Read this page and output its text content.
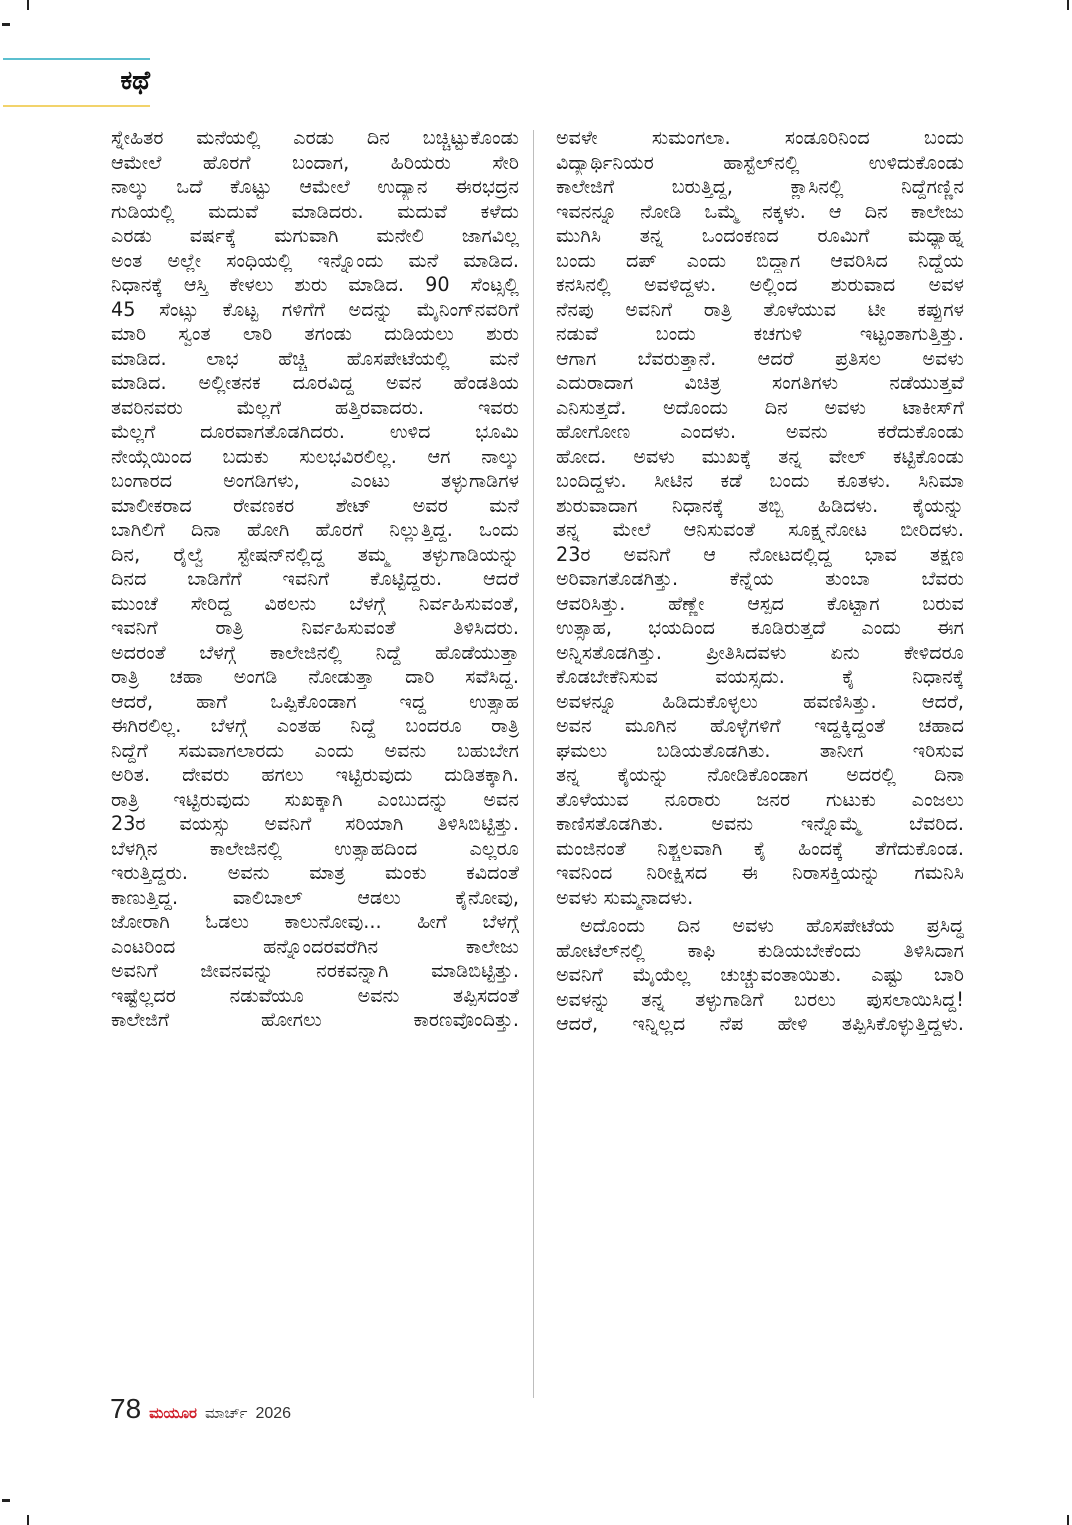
ಕಥೆ

ಸ್ನೇಹಿತರ ಮನೆಯಲ್ಲಿ ಎರಡು ದಿನ ಬಚ್ಚಿಟ್ಟುಕೊಂಡು
ಆಮೇಲೆ ಹೊರಗೆ ಬಂದಾಗ, ಹಿರಿಯರು ಸೇರಿ
ನಾಲ್ಕು ಒದೆ ಕೊಟ್ಟು ಆಮೇಲೆ ಉದ್ಯಾನ ಈರಭದ್ರನ
ಗುಡಿಯಲ್ಲಿ ಮದುವೆ ಮಾಡಿದರು. ಮದುವೆ ಕಳೆದು
ಎರಡು ವರ್ಷಕ್ಕೆ ಮಗುವಾಗಿ ಮನೇಲಿ ಜಾಗವಿಲ್ಲ
ಅಂತ ಅಲ್ಲೇ ಸಂಧಿಯಲ್ಲಿ ಇನ್ನೊಂದು ಮನೆ ಮಾಡಿದ.
ನಿಧಾನಕ್ಕೆ ಆಸ್ತಿ ಕೇಳಲು ಶುರು ಮಾಡಿದ. 90 ಸೆಂಟ್ಸಲ್ಲಿ
45 ಸೆಂಟ್ಸು ಕೊಟ್ಟ ಗಳಿಗೆಗೆ ಅದನ್ನು ಮೈನಿಂಗ್‌ನವರಿಗೆ
ಮಾರಿ ಸ್ವಂತ ಲಾರಿ ತಗಂಡು ದುಡಿಯಲು ಶುರು
ಮಾಡಿದ. ಲಾಭ ಹೆಚ್ಚಿ ಹೊಸಪೇಟೆಯಲ್ಲಿ ಮನೆ
ಮಾಡಿದ. ಅಲ್ಲೀತನಕ ದೂರವಿದ್ದ ಅವನ ಹೆಂಡತಿಯ
ತವರಿನವರು ಮೆಲ್ಲಗೆ ಹತ್ತಿರವಾದರು. ಇವರು
ಮೆಲ್ಲಗೆ ದೂರವಾಗತೊಡಗಿದರು. ಉಳಿದ ಭೂಮಿ
ನೇಯ್ಗೆಯಿಂದ ಬದುಕು ಸುಲಭವಿರಲಿಲ್ಲ. ಆಗ ನಾಲ್ಕು
ಬಂಗಾರದ ಅಂಗಡಿಗಳು, ಎಂಟು ತಳ್ಳುಗಾಡಿಗಳ
ಮಾಲೀಕರಾದ ರೇವಣಕರ ಶೇಟ್ ಅವರ ಮನೆ
ಬಾಗಿಲಿಗೆ ದಿನಾ ಹೋಗಿ ಹೊರಗೆ ನಿಲ್ಲುತ್ತಿದ್ದ. ಒಂದು
ದಿನ, ರೈಲ್ವೆ ಸ್ಟೇಷನ್‌ನಲ್ಲಿದ್ದ ತಮ್ಮ ತಳ್ಳುಗಾಡಿಯನ್ನು
ದಿನದ ಬಾಡಿಗೆಗೆ ಇವನಿಗೆ ಕೊಟ್ಟಿದ್ದರು. ಆದರೆ
ಮುಂಚೆ ಸೇರಿದ್ದ ವಿಠಲನು ಬೆಳಗ್ಗೆ ನಿರ್ವಹಿಸುವಂತೆ,
ಇವನಿಗೆ ರಾತ್ರಿ ನಿರ್ವಹಿಸುವಂತೆ ತಿಳಿಸಿದರು.
ಅದರಂತೆ ಬೆಳಗ್ಗೆ ಕಾಲೇಜಿನಲ್ಲಿ ನಿದ್ದೆ ಹೊಡೆಯುತ್ತಾ
ರಾತ್ರಿ ಚಹಾ ಅಂಗಡಿ ನೋಡುತ್ತಾ ದಾರಿ ಸವೆಸಿದ್ದ.
ಆದರೆ, ಹಾಗೆ ಒಪ್ಪಿಕೊಂಡಾಗ ಇದ್ದ ಉತ್ಸಾಹ
ಈಗಿರಲಿಲ್ಲ. ಬೆಳಗ್ಗೆ ಎಂತಹ ನಿದ್ದೆ ಬಂದರೂ ರಾತ್ರಿ
ನಿದ್ದೆಗೆ ಸಮವಾಗಲಾರದು ಎಂದು ಅವನು ಬಹುಬೇಗ
ಅರಿತ. ದೇವರು ಹಗಲು ಇಟ್ಟಿರುವುದು ದುಡಿತಕ್ಕಾಗಿ.
ರಾತ್ರಿ ಇಟ್ಟಿರುವುದು ಸುಖಕ್ಕಾಗಿ ಎಂಬುದನ್ನು ಅವನ
23ರ ವಯಸ್ಸು ಅವನಿಗೆ ಸರಿಯಾಗಿ ತಿಳಿಸಿಬಿಟ್ಟಿತ್ತು.
ಬೆಳಗ್ಗಿನ ಕಾಲೇಜಿನಲ್ಲಿ ಉತ್ಸಾಹದಿಂದ ಎಲ್ಲರೂ
ಇರುತ್ತಿದ್ದರು. ಅವನು ಮಾತ್ರ ಮಂಕು ಕವಿದಂತೆ
ಕಾಣುತ್ತಿದ್ದ. ವಾಲಿಬಾಲ್ ಆಡಲು ಕೈನೋವು,
ಜೋರಾಗಿ ಓಡಲು ಕಾಲುನೋವು... ಹೀಗೆ ಬೆಳಗ್ಗೆ
ಎಂಟರಿಂದ ಹನ್ನೊಂದರವರೆಗಿನ ಕಾಲೇಜು
ಅವನಿಗೆ ಜೀವನವನ್ನು ನರಕವನ್ನಾಗಿ ಮಾಡಿಬಿಟ್ಟಿತ್ತು.
ಇಷ್ಟೆಲ್ಲದರ ನಡುವೆಯೂ ಅವನು ತಪ್ಪಿಸದಂತೆ
ಕಾಲೇಜಿಗೆ ಹೋಗಲು ಕಾರಣವೊಂದಿತ್ತು.

ಅವಳೇ ಸುಮಂಗಲಾ. ಸಂಡೂರಿನಿಂದ ಬಂದು
ವಿದ್ಯಾರ್ಥಿನಿಯರ ಹಾಸ್ಟೆಲ್‌ನಲ್ಲಿ ಉಳಿದುಕೊಂಡು
ಕಾಲೇಜಿಗೆ ಬರುತ್ತಿದ್ದ, ಕ್ಲಾಸಿನಲ್ಲಿ ನಿದ್ದೆಗಣ್ಣಿನ
ಇವನನ್ನೂ ನೋಡಿ ಒಮ್ಮೆ ನಕ್ಕಳು. ಆ ದಿನ ಕಾಲೇಜು
ಮುಗಿಸಿ ತನ್ನ ಒಂದಂಕಣದ ರೂಮಿಗೆ ಮಧ್ಯಾಹ್ನ
ಬಂದು ದಪ್ ಎಂದು ಬಿದ್ದಾಗ ಆವರಿಸಿದ ನಿದ್ದೆಯ
ಕನಸಿನಲ್ಲಿ ಅವಳಿದ್ದಳು. ಅಲ್ಲಿಂದ ಶುರುವಾದ ಅವಳ
ನೆನಪು ಅವನಿಗೆ ರಾತ್ರಿ ತೊಳೆಯುವ ಟೀ ಕಪ್ಪುಗಳ
ನಡುವೆ ಬಂದು ಕಚಗುಳಿ ಇಟ್ಟಂತಾಗುತ್ತಿತ್ತು.
ಆಗಾಗ ಬೆವರುತ್ತಾನೆ. ಆದರೆ ಪ್ರತಿಸಲ ಅವಳು
ಎದುರಾದಾಗ ವಿಚಿತ್ರ ಸಂಗತಿಗಳು ನಡೆಯುತ್ತವೆ
ಎನಿಸುತ್ತದೆ. ಅದೊಂದು ದಿನ ಅವಳು ಟಾಕೀಸ್‌ಗೆ
ಹೋಗೋಣ ಎಂದಳು. ಅವನು ಕರೆದುಕೊಂಡು
ಹೋದ. ಅವಳು ಮುಖಕ್ಕೆ ತನ್ನ ವೇಲ್ ಕಟ್ಟಿಕೊಂಡು
ಬಂದಿದ್ದಳು. ಸೀಟಿನ ಕಡೆ ಬಂದು ಕೂತಳು. ಸಿನಿಮಾ
ಶುರುವಾದಾಗ ನಿಧಾನಕ್ಕೆ ತಬ್ಬಿ ಹಿಡಿದಳು. ಕೈಯನ್ನು
ತನ್ನ ಮೇಲೆ ಆನಿಸುವಂತೆ ಸೂಕ್ಷ್ಮನೋಟ ಬೀರಿದಳು.
23ರ ಅವನಿಗೆ ಆ ನೋಟದಲ್ಲಿದ್ದ ಭಾವ ತಕ್ಷಣ
ಅರಿವಾಗತೊಡಗಿತ್ತು. ಕೆನ್ನೆಯ ತುಂಬಾ ಬೆವರು
ಆವರಿಸಿತ್ತು. ಹೆಣ್ಣೇ ಆಸ್ಪದ ಕೊಟ್ಟಾಗ ಬರುವ
ಉತ್ಸಾಹ, ಭಯದಿಂದ ಕೂಡಿರುತ್ತದೆ ಎಂದು ಈಗ
ಅನ್ನಿಸತೊಡಗಿತ್ತು. ಪ್ರೀತಿಸಿದವಳು ಏನು ಕೇಳಿದರೂ
ಕೊಡಬೇಕೆನಿಸುವ ವಯಸ್ಸದು. ಕೈ ನಿಧಾನಕ್ಕೆ
ಅವಳನ್ನೂ ಹಿಡಿದುಕೊಳ್ಳಲು ಹವಣಿಸಿತ್ತು. ಆದರೆ,
ಅವನ ಮೂಗಿನ ಹೊಳ್ಳೆಗಳಿಗೆ ಇದ್ದಕ್ಕಿದ್ದಂತೆ ಚಹಾದ
ಘಮಲು ಬಡಿಯತೊಡಗಿತು. ತಾನೀಗ ಇರಿಸುವ
ತನ್ನ ಕೈಯನ್ನು ನೋಡಿಕೊಂಡಾಗ ಅದರಲ್ಲಿ ದಿನಾ
ತೊಳೆಯುವ ನೂರಾರು ಜನರ ಗುಟುಕು ಎಂಜಲು
ಕಾಣಿಸತೊಡಗಿತು. ಅವನು ಇನ್ನೊಮ್ಮೆ ಬೆವರಿದ.
ಮಂಜಿನಂತೆ ನಿಶ್ಚಲವಾಗಿ ಕೈ ಹಿಂದಕ್ಕೆ ತೆಗೆದುಕೊಂಡ.
ಇವನಿಂದ ನಿರೀಕ್ಷಿಸದ ಈ ನಿರಾಸಕ್ತಿಯನ್ನು ಗಮನಿಸಿ
ಅವಳು ಸುಮ್ಮನಾದಳು.

ಅದೊಂದು ದಿನ ಅವಳು ಹೊಸಪೇಟೆಯ ಪ್ರಸಿದ್ಧ
ಹೋಟೆಲ್‌ನಲ್ಲಿ ಕಾಫಿ ಕುಡಿಯಬೇಕೆಂದು ತಿಳಿಸಿದಾಗ
ಅವನಿಗೆ ಮೈಯೆಲ್ಲ ಚುಚ್ಚುವಂತಾಯಿತು. ಎಷ್ಟು ಬಾರಿ
ಅವಳನ್ನು ತನ್ನ ತಳ್ಳುಗಾಡಿಗೆ ಬರಲು ಪುಸಲಾಯಿಸಿದ್ದ!
ಆದರೆ, ಇನ್ನಿಲ್ಲದ ನೆಪ ಹೇಳಿ ತಪ್ಪಿಸಿಕೊಳ್ಳುತ್ತಿದ್ದಳು.

78 ಮಯೂರ ಮಾರ್ಚ್ 2026
